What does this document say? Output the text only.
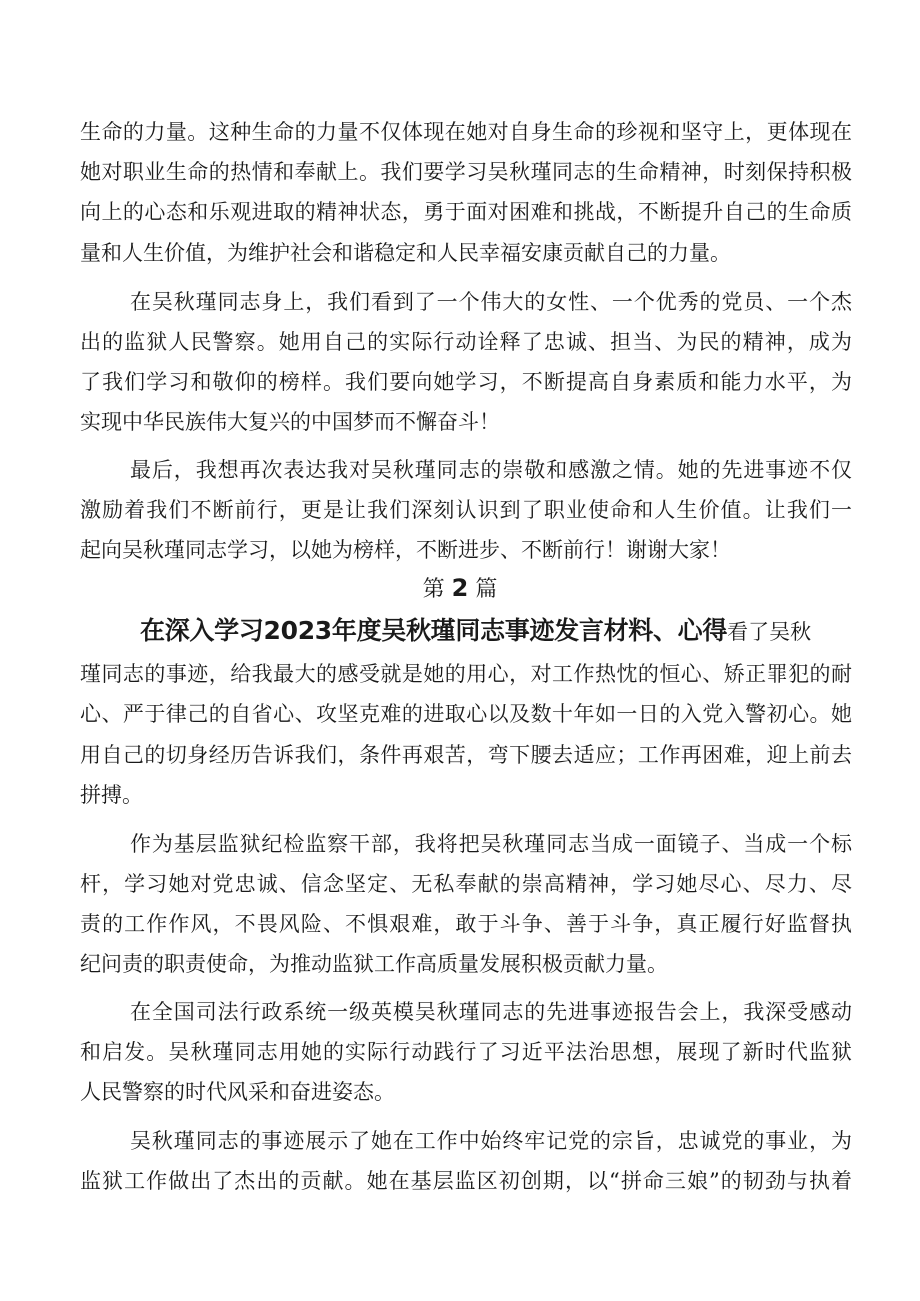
生命的力量。这种生命的力量不仅体现在她对自身生命的珍视和坚守上，更体现在
她对职业生命的热情和奉献上。我们要学习吴秋瑾同志的生命精神，时刻保持积极
向上的心态和乐观进取的精神状态，勇于面对困难和挑战，不断提升自己的生命质
量和人生价值，为维护社会和谐稳定和人民幸福安康贡献自己的力量。
在吴秋瑾同志身上，我们看到了一个伟大的女性、一个优秀的党员、一个杰
出的监狱人民警察。她用自己的实际行动诠释了忠诚、担当、为民的精神，成为
了我们学习和敬仰的榜样。我们要向她学习，不断提高自身素质和能力水平，为
实现中华民族伟大复兴的中国梦而不懈奋斗！
最后，我想再次表达我对吴秋瑾同志的崇敬和感激之情。她的先进事迹不仅
激励着我们不断前行，更是让我们深刻认识到了职业使命和人生价值。让我们一
起向吴秋瑾同志学习，以她为榜样，不断进步、不断前行！谢谢大家！
第 2 篇
在深入学习2023年度吴秋瑾同志事迹发言材料、心得看了吴秋
瑾同志的事迹，给我最大的感受就是她的用心，对工作热忱的恒心、矫正罪犯的耐
心、严于律己的自省心、攻坚克难的进取心以及数十年如一日的入党入警初心。她
用自己的切身经历告诉我们，条件再艰苦，弯下腰去适应；工作再困难，迎上前去
拼搏。
作为基层监狱纪检监察干部，我将把吴秋瑾同志当成一面镜子、当成一个标
杆，学习她对党忠诚、信念坚定、无私奉献的崇高精神，学习她尽心、尽力、尽
责的工作作风，不畏风险、不惧艰难，敢于斗争、善于斗争，真正履行好监督执
纪问责的职责使命，为推动监狱工作高质量发展积极贡献力量。
在全国司法行政系统一级英模吴秋瑾同志的先进事迹报告会上，我深受感动
和启发。吴秋瑾同志用她的实际行动践行了习近平法治思想，展现了新时代监狱
人民警察的时代风采和奋进姿态。
吴秋瑾同志的事迹展示了她在工作中始终牢记党的宗旨，忠诚党的事业，为
监狱工作做出了杰出的贡献。她在基层监区初创期，以“拼命三娘”的韧劲与执着
